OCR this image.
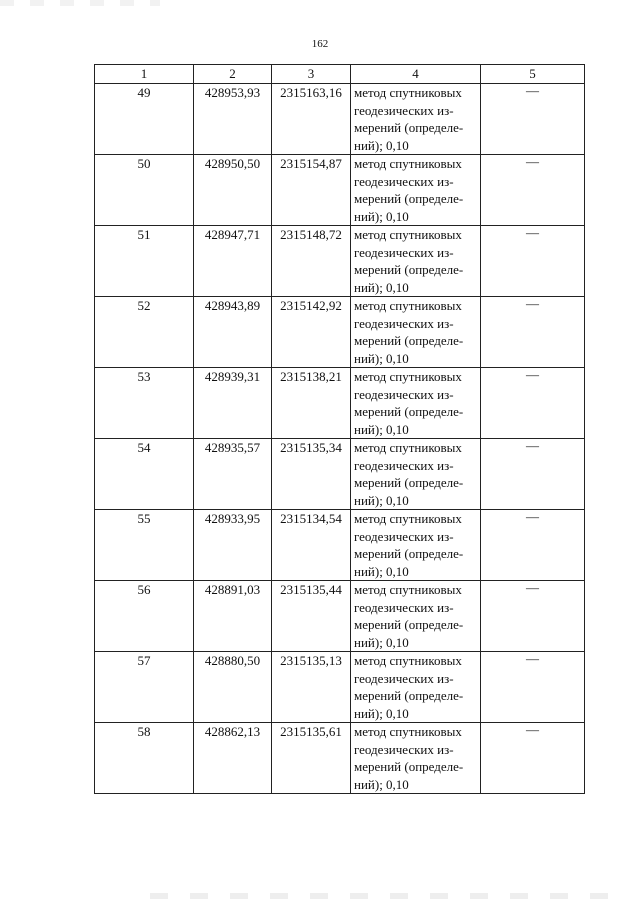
162
1	2	3	4	5
49	428953,93	2315163,16	метод спутниковых
геодезических из-
мерений (определе-
ний); 0,10	—

50	428950,50	2315154,87	метод спутниковых
геодезических из-
мерений (определе-
ний); 0,10	—

51	428947,71	2315148,72	метод спутниковых
геодезических из-
мерений (определе-
ний); 0,10	—

52	428943,89	2315142,92	метод спутниковых
геодезических из-
мерений (определе-
ний); 0,10	—

53	428939,31	2315138,21	метод спутниковых
геодезических из-
мерений (определе-
ний); 0,10	—

54	428935,57	2315135,34	метод спутниковых
геодезических из-
мерений (определе-
ний); 0,10	—

55	428933,95	2315134,54	метод спутниковых
геодезических из-
мерений (определе-
ний); 0,10	—

56	428891,03	2315135,44	метод спутниковых
геодезических из-
мерений (определе-
ний); 0,10	—

57	428880,50	2315135,13	метод спутниковых
геодезических из-
мерений (определе-
ний); 0,10	—

58	428862,13	2315135,61	метод спутниковых
геодезических из-
мерений (определе-
ний); 0,10	—
